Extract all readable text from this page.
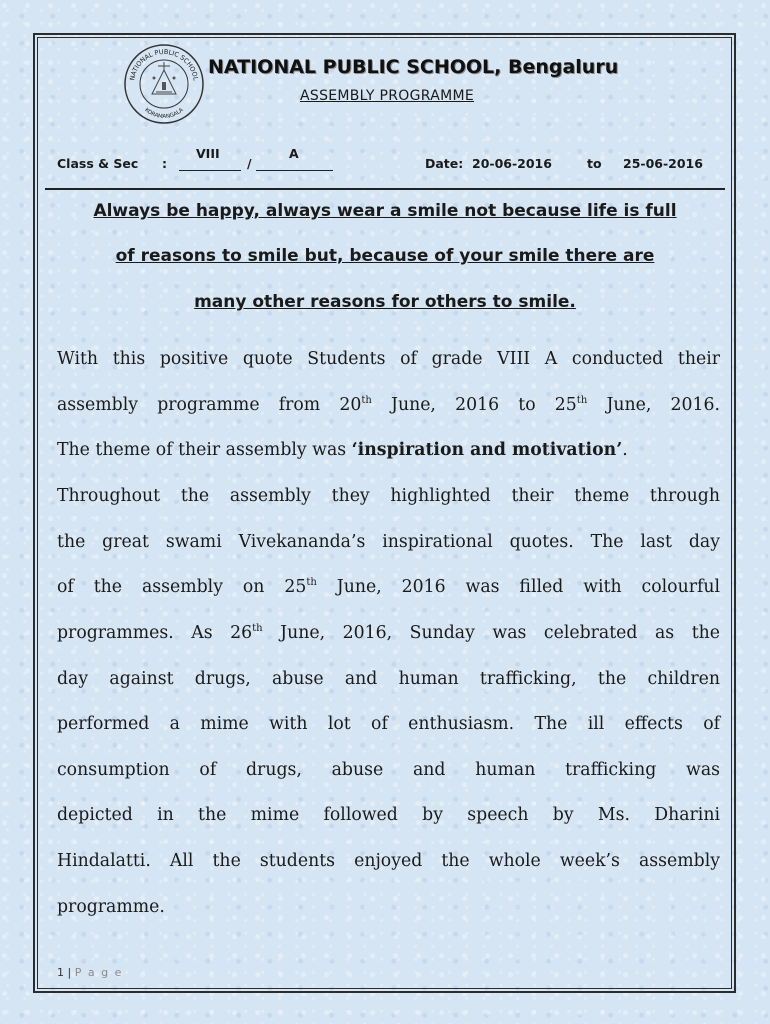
NATIONAL PUBLIC SCHOOL
KORAMANGALA
NATIONAL PUBLIC SCHOOL, Bengaluru
ASSEMBLY PROGRAMME
Class & Sec :	/
VIII	A
Date: 20-06-2016	to 25-06-2016
Always be happy, always wear a smile not because life is full
of reasons to smile but, because of your smile there are
many other reasons for others to smile.
With this positive quote Students of grade VIII A conducted their
assembly programme from 20th June, 2016 to 25th June, 2016.
The theme of their assembly was ‘inspiration and motivation’.
Throughout the assembly they highlighted their theme through
the great swami Vivekananda’s inspirational quotes. The last day
of the assembly on 25th June, 2016 was filled with colourful
programmes. As 26th June, 2016, Sunday was celebrated as the
day against drugs, abuse and human trafficking, the children
performed a mime with lot of enthusiasm. The ill effects of
consumption of drugs, abuse and human trafficking was
depicted in the mime followed by speech by Ms. Dharini
Hindalatti. All the students enjoyed the whole week’s assembly
programme.
1 | P a g e
